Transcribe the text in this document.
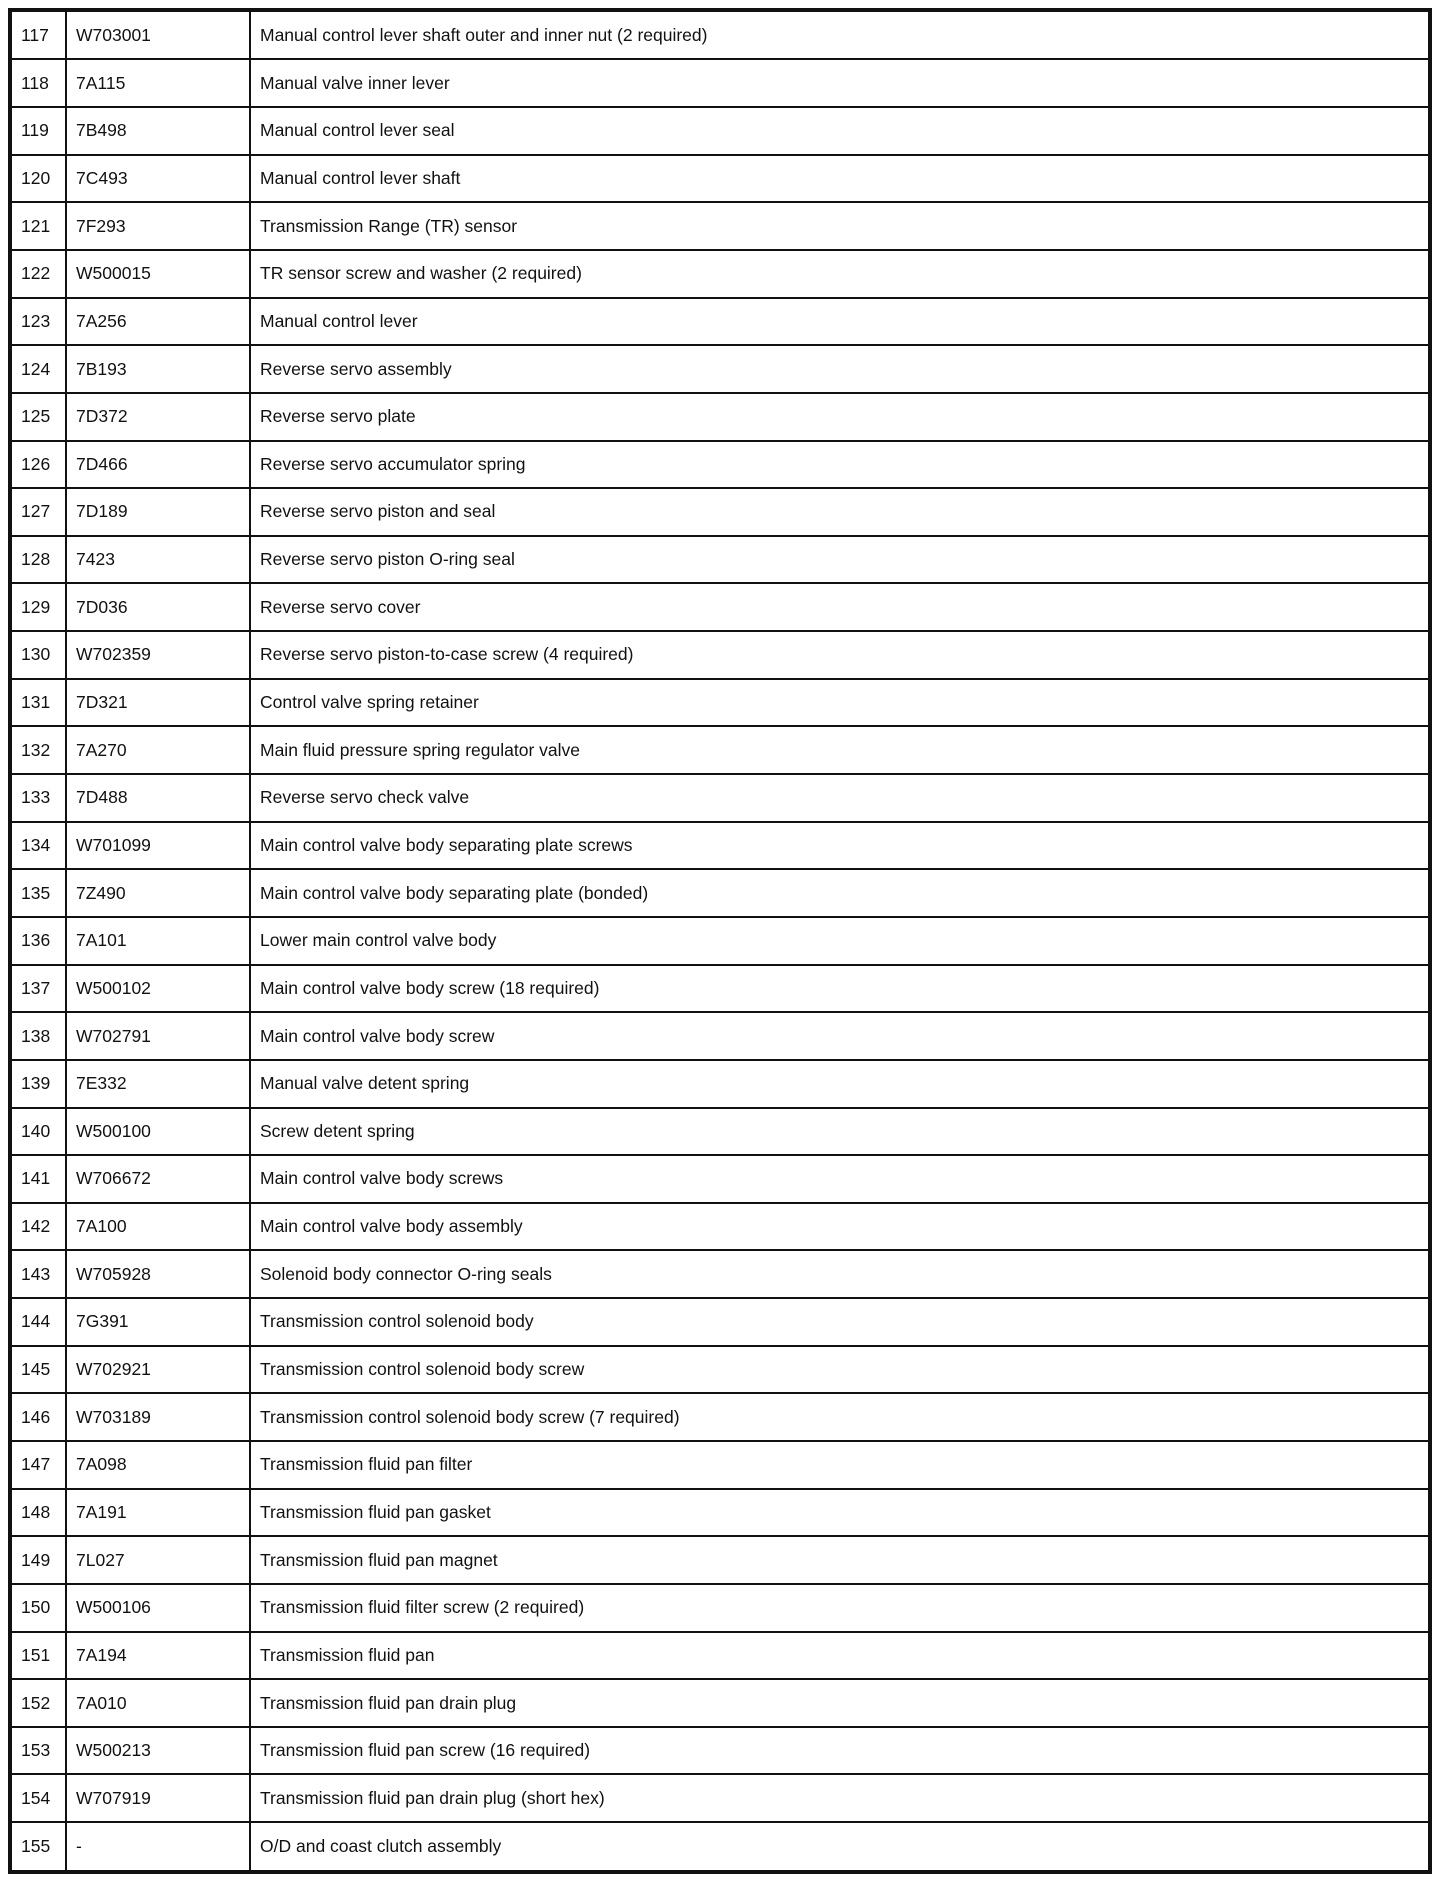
117	W703001	Manual control lever shaft outer and inner nut (2 required)
118	7A115	Manual valve inner lever
119	7B498	Manual control lever seal
120	7C493	Manual control lever shaft
121	7F293	Transmission Range (TR) sensor
122	W500015	TR sensor screw and washer (2 required)
123	7A256	Manual control lever
124	7B193	Reverse servo assembly
125	7D372	Reverse servo plate
126	7D466	Reverse servo accumulator spring
127	7D189	Reverse servo piston and seal
128	7423	Reverse servo piston O-ring seal
129	7D036	Reverse servo cover
130	W702359	Reverse servo piston-to-case screw (4 required)
131	7D321	Control valve spring retainer
132	7A270	Main fluid pressure spring regulator valve
133	7D488	Reverse servo check valve
134	W701099	Main control valve body separating plate screws
135	7Z490	Main control valve body separating plate (bonded)
136	7A101	Lower main control valve body
137	W500102	Main control valve body screw (18 required)
138	W702791	Main control valve body screw
139	7E332	Manual valve detent spring
140	W500100	Screw detent spring
141	W706672	Main control valve body screws
142	7A100	Main control valve body assembly
143	W705928	Solenoid body connector O-ring seals
144	7G391	Transmission control solenoid body
145	W702921	Transmission control solenoid body screw
146	W703189	Transmission control solenoid body screw (7 required)
147	7A098	Transmission fluid pan filter
148	7A191	Transmission fluid pan gasket
149	7L027	Transmission fluid pan magnet
150	W500106	Transmission fluid filter screw (2 required)
151	7A194	Transmission fluid pan
152	7A010	Transmission fluid pan drain plug
153	W500213	Transmission fluid pan screw (16 required)
154	W707919	Transmission fluid pan drain plug (short hex)
155	-	O/D and coast clutch assembly
